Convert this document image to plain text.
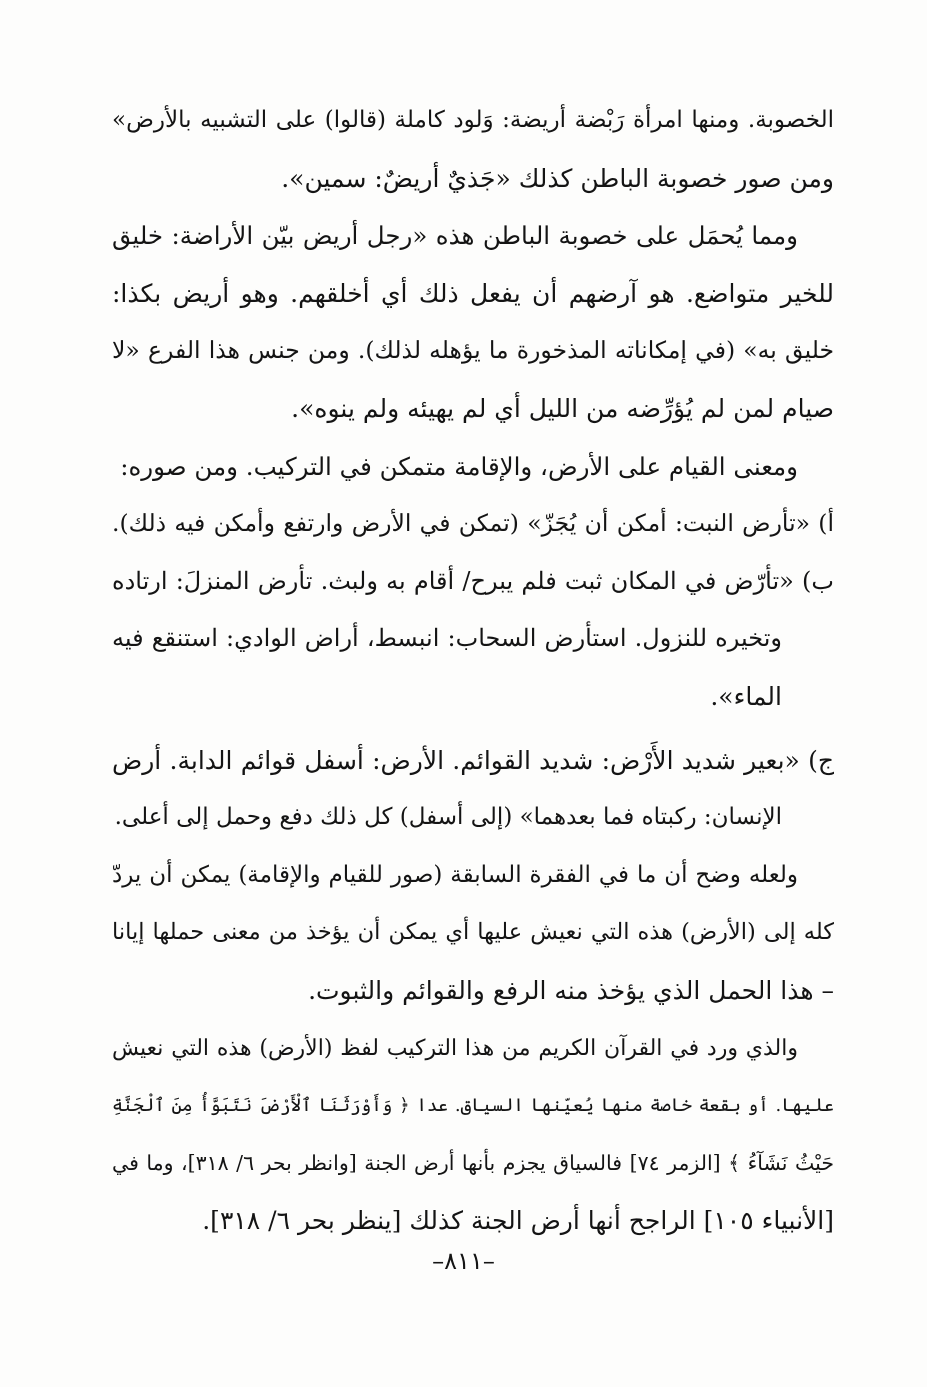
الخصوبة. ومنها امرأة رَبْضة أريضة: وَلود كاملة (قالوا) على التشبيه بالأرض»
ومن صور خصوبة الباطن كذلك «جَذيٌ أريضٌ: سمين».
ومما يُحمَل على خصوبة الباطن هذه «رجل أريض بيّن الأراضة: خليق
للخير متواضع. هو آرضهم أن يفعل ذلك أي أخلقهم. وهو أريض بكذا:
خليق به» (في إمكاناته المذخورة ما يؤهله لذلك). ومن جنس هذا الفرع «لا
صيام لمن لم يُؤرِّضه من الليل أي لم يهيئه ولم ينوه».
ومعنى القيام على الأرض، والإقامة متمكن في التركيب. ومن صوره:
أ) «تأرض النبت: أمكن أن يُجَزّ» (تمكن في الأرض وارتفع وأمكن فيه ذلك).
ب) «تأرّض في المكان ثبت فلم يبرح/ أقام به ولبث. تأرض المنزلَ: ارتاده
وتخيره للنزول. استأرض السحاب: انبسط، أراض الوادي: استنقع فيه
الماء».
ج) «بعير شديد الأَرْض: شديد القوائم. الأرض: أسفل قوائم الدابة. أرض
الإنسان: ركبتاه فما بعدهما» (إلى أسفل) كل ذلك دفع وحمل إلى أعلى.
ولعله وضح أن ما في الفقرة السابقة (صور للقيام والإقامة) يمكن أن يردّ
كله إلى (الأرض) هذه التي نعيش عليها أي يمكن أن يؤخذ من معنى حملها إيانا
– هذا الحمل الذي يؤخذ منه الرفع والقوائم والثبوت.
والذي ورد في القرآن الكريم من هذا التركيب لفظ (الأرض) هذه التي نعيش
عليها. أو بقعة خاصة منها يُعيّنها السياق. عدا ﴿ وَأَوْرَثَنَا ٱلْأَرْضَ نَتَبَوَّأُ مِنَ ٱلْجَنَّةِ
حَيْثُ نَشَآءُ ﴾ [الزمر ٧٤] فالسياق يجزم بأنها أرض الجنة [وانظر بحر ٦/ ٣١٨]، وما في
[الأنبياء ١٠٥] الراجح أنها أرض الجنة كذلك [ينظر بحر ٦/ ٣١٨].
–٨١١–
